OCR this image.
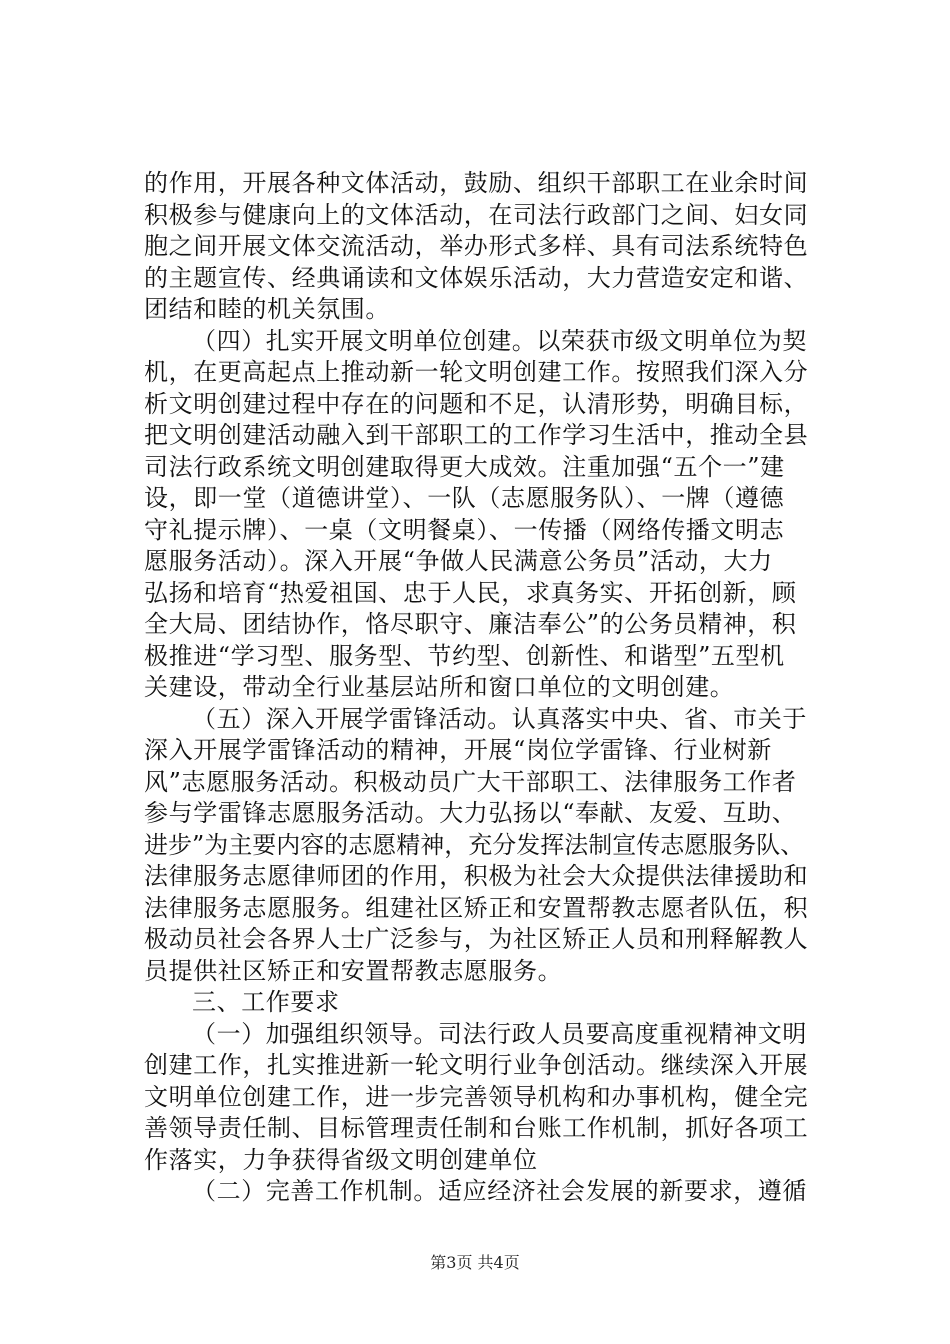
的作用，开展各种文体活动，鼓励、组织干部职工在业余时间
积极参与健康向上的文体活动，在司法行政部门之间、妇女同
胞之间开展文体交流活动，举办形式多样、具有司法系统特色
的主题宣传、经典诵读和文体娱乐活动，大力营造安定和谐、
团结和睦的机关氛围。
（四）扎实开展文明单位创建。以荣获市级文明单位为契
机，在更高起点上推动新一轮文明创建工作。按照我们深入分
析文明创建过程中存在的问题和不足，认清形势，明确目标，
把文明创建活动融入到干部职工的工作学习生活中，推动全县
司法行政系统文明创建取得更大成效。注重加强“五个一”建
设，即一堂（道德讲堂）、一队（志愿服务队）、一牌（遵德
守礼提示牌）、一桌（文明餐桌）、一传播（网络传播文明志
愿服务活动）。深入开展“争做人民满意公务员”活动，大力
弘扬和培育“热爱祖国、忠于人民，求真务实、开拓创新，顾
全大局、团结协作，恪尽职守、廉洁奉公”的公务员精神，积
极推进“学习型、服务型、节约型、创新性、和谐型”五型机
关建设，带动全行业基层站所和窗口单位的文明创建。
（五）深入开展学雷锋活动。认真落实中央、省、市关于
深入开展学雷锋活动的精神，开展“岗位学雷锋、行业树新
风”志愿服务活动。积极动员广大干部职工、法律服务工作者
参与学雷锋志愿服务活动。大力弘扬以“奉献、友爱、互助、
进步”为主要内容的志愿精神，充分发挥法制宣传志愿服务队、
法律服务志愿律师团的作用，积极为社会大众提供法律援助和
法律服务志愿服务。组建社区矫正和安置帮教志愿者队伍，积
极动员社会各界人士广泛参与，为社区矫正人员和刑释解教人
员提供社区矫正和安置帮教志愿服务。
三、工作要求
（一）加强组织领导。司法行政人员要高度重视精神文明
创建工作，扎实推进新一轮文明行业争创活动。继续深入开展
文明单位创建工作，进一步完善领导机构和办事机构，健全完
善领导责任制、目标管理责任制和台账工作机制，抓好各项工
作落实，力争获得省级文明创建单位
（二）完善工作机制。适应经济社会发展的新要求，遵循
第3页 共4页
